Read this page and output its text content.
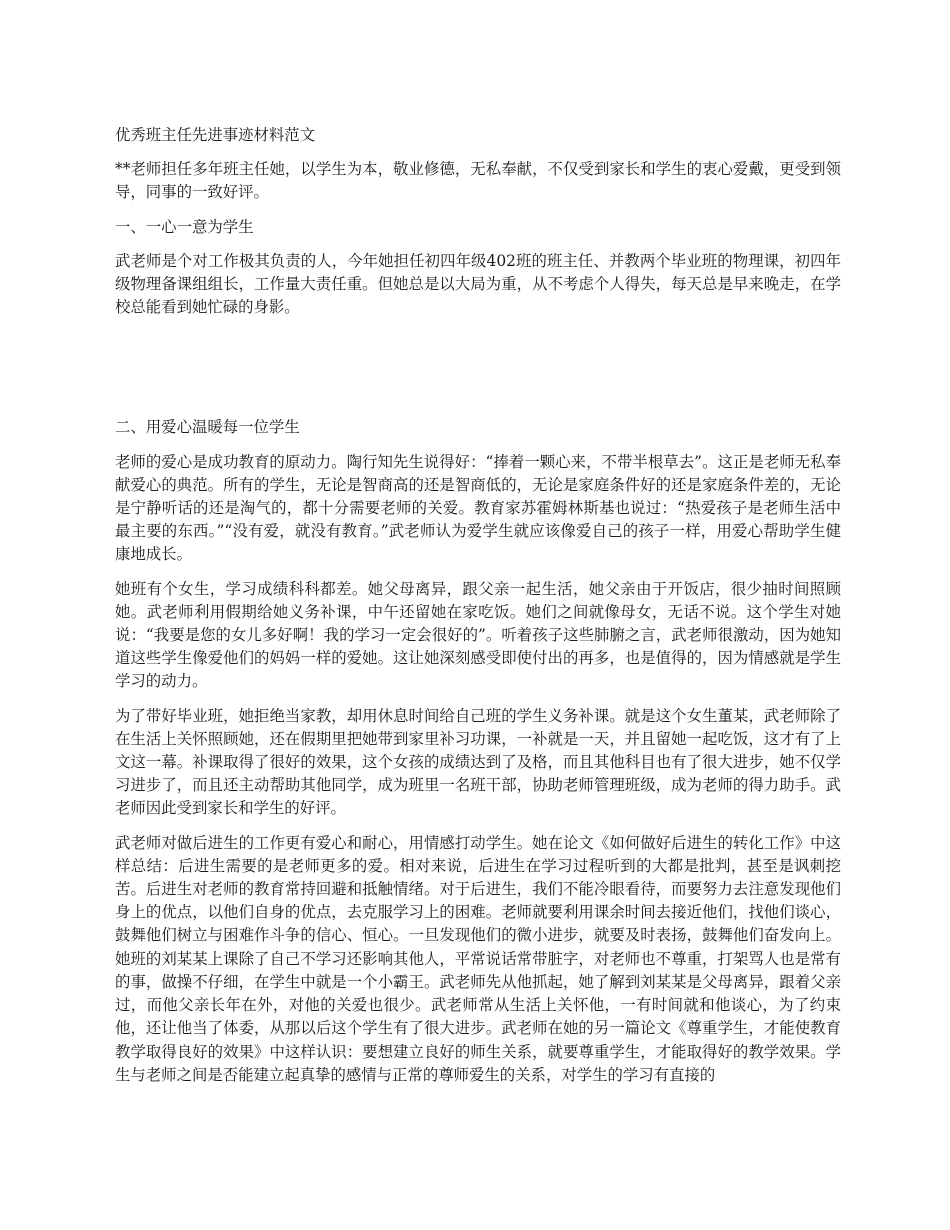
优秀班主任先进事迹材料范文

**老师担任多年班主任她，以学生为本，敬业修德，无私奉献，不仅受到家长和学生的衷心爱戴，更受到领导，同事的一致好评。

一、一心一意为学生

武老师是个对工作极其负责的人，今年她担任初四年级402班的班主任、并教两个毕业班的物理课，初四年级物理备课组组长，工作量大责任重。但她总是以大局为重，从不考虑个人得失，每天总是早来晚走，在学校总能看到她忙碌的身影。

二、用爱心温暖每一位学生

老师的爱心是成功教育的原动力。陶行知先生说得好：“捧着一颗心来，不带半根草去”。这正是老师无私奉献爱心的典范。所有的学生，无论是智商高的还是智商低的，无论是家庭条件好的还是家庭条件差的，无论是宁静听话的还是淘气的，都十分需要老师的关爱。教育家苏霍姆林斯基也说过：“热爱孩子是老师生活中最主要的东西。”“没有爱，就没有教育。”武老师认为爱学生就应该像爱自己的孩子一样，用爱心帮助学生健康地成长。

她班有个女生，学习成绩科科都差。她父母离异，跟父亲一起生活，她父亲由于开饭店，很少抽时间照顾她。武老师利用假期给她义务补课，中午还留她在家吃饭。她们之间就像母女，无话不说。这个学生对她说：“我要是您的女儿多好啊！我的学习一定会很好的”。听着孩子这些肺腑之言，武老师很激动，因为她知道这些学生像爱他们的妈妈一样的爱她。这让她深刻感受即使付出的再多，也是值得的，因为情感就是学生学习的动力。

为了带好毕业班，她拒绝当家教，却用休息时间给自己班的学生义务补课。就是这个女生董某，武老师除了在生活上关怀照顾她，还在假期里把她带到家里补习功课，一补就是一天，并且留她一起吃饭，这才有了上文这一幕。补课取得了很好的效果，这个女孩的成绩达到了及格，而且其他科目也有了很大进步，她不仅学习进步了，而且还主动帮助其他同学，成为班里一名班干部，协助老师管理班级，成为老师的得力助手。武老师因此受到家长和学生的好评。

武老师对做后进生的工作更有爱心和耐心，用情感打动学生。她在论文《如何做好后进生的转化工作》中这样总结：后进生需要的是老师更多的爱。相对来说，后进生在学习过程听到的大都是批判，甚至是讽刺挖苦。后进生对老师的教育常持回避和抵触情绪。对于后进生，我们不能冷眼看待，而要努力去注意发现他们身上的优点，以他们自身的优点，去克服学习上的困难。老师就要利用课余时间去接近他们，找他们谈心，鼓舞他们树立与困难作斗争的信心、恒心。一旦发现他们的微小进步，就要及时表扬，鼓舞他们奋发向上。她班的刘某某上课除了自己不学习还影响其他人，平常说话常带脏字，对老师也不尊重，打架骂人也是常有的事，做操不仔细，在学生中就是一个小霸王。武老师先从他抓起，她了解到刘某某是父母离异，跟着父亲过，而他父亲长年在外，对他的关爱也很少。武老师常从生活上关怀他，一有时间就和他谈心，为了约束他，还让他当了体委，从那以后这个学生有了很大进步。武老师在她的另一篇论文《尊重学生，才能使教育教学取得良好的效果》中这样认识：要想建立良好的师生关系，就要尊重学生，才能取得好的教学效果。学生与老师之间是否能建立起真挚的感情与正常的尊师爱生的关系，对学生的学习有直接的
